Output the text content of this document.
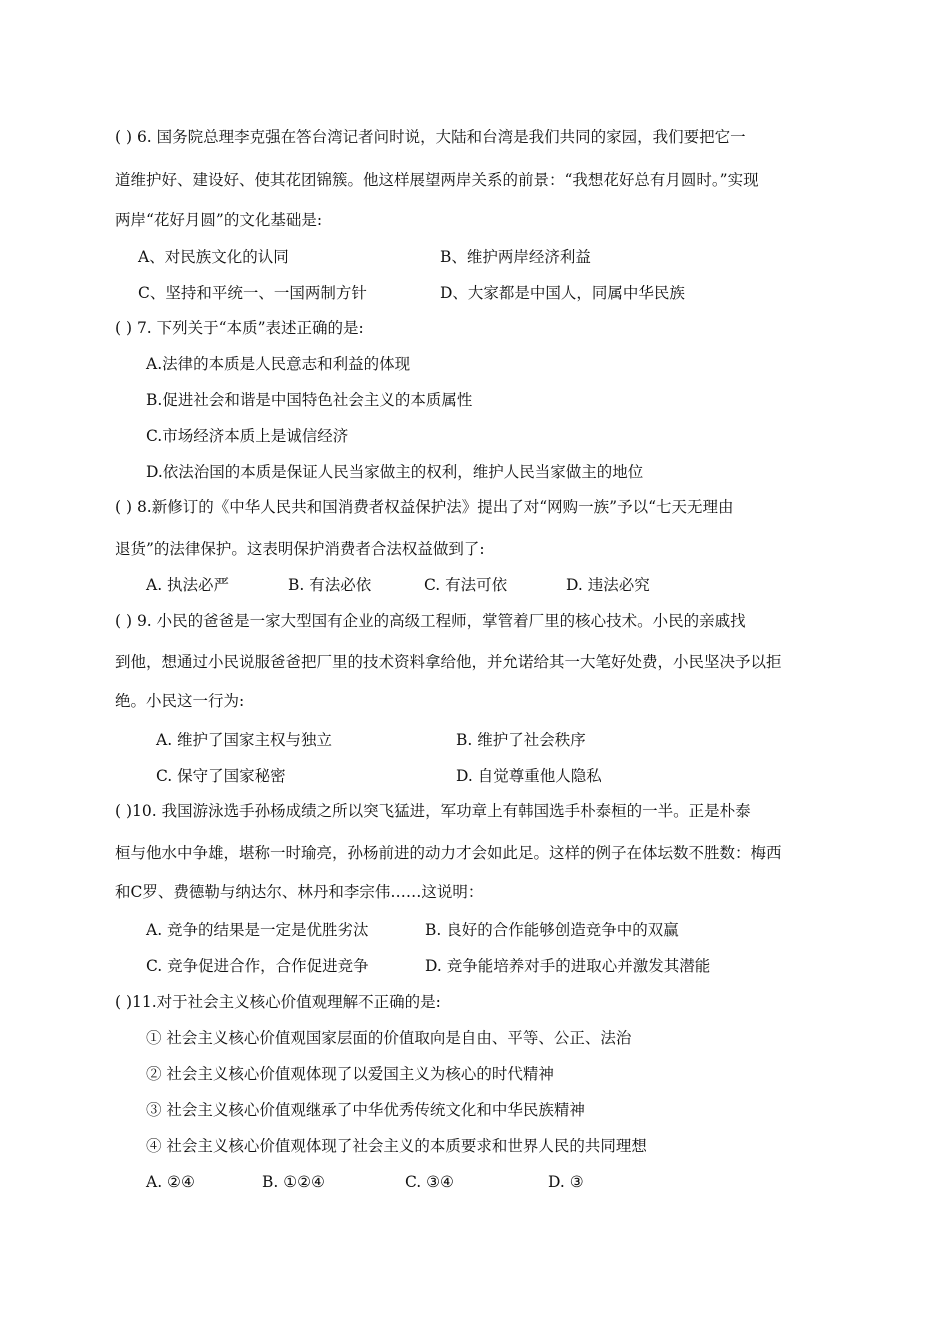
( ) 6. 国务院总理李克强在答台湾记者问时说，大陆和台湾是我们共同的家园，我们要把它一
道维护好、建设好、使其花团锦簇。他这样展望两岸关系的前景：“我想花好总有月圆时。”实现
两岸“花好月圆”的文化基础是:
A、对民族文化的认同	B、维护两岸经济利益
C、坚持和平统一、一国两制方针	D、大家都是中国人，同属中华民族
( ) 7. 下列关于“本质”表述正确的是:
A.法律的本质是人民意志和利益的体现
B.促进社会和谐是中国特色社会主义的本质属性
C.市场经济本质上是诚信经济
D.依法治国的本质是保证人民当家做主的权利，维护人民当家做主的地位
( ) 8.新修订的《中华人民共和国消费者权益保护法》提出了对“网购一族”予以“七天无理由
退货”的法律保护。这表明保护消费者合法权益做到了:
A. 执法必严	B. 有法必依	C. 有法可依	D. 违法必究
( ) 9. 小民的爸爸是一家大型国有企业的高级工程师，掌管着厂里的核心技术。小民的亲戚找
到他，想通过小民说服爸爸把厂里的技术资料拿给他，并允诺给其一大笔好处费，小民坚决予以拒
绝。小民这一行为:
A. 维护了国家主权与独立	B. 维护了社会秩序
C. 保守了国家秘密	D. 自觉尊重他人隐私
( )10. 我国游泳选手孙杨成绩之所以突飞猛进，军功章上有韩国选手朴泰桓的一半。正是朴泰
桓与他水中争雄，堪称一时瑜亮，孙杨前进的动力才会如此足。这样的例子在体坛数不胜数：梅西
和C罗、费德勒与纳达尔、林丹和李宗伟……这说明：
A. 竞争的结果是一定是优胜劣汰	B. 良好的合作能够创造竞争中的双赢
C. 竞争促进合作，合作促进竞争	D. 竞争能培养对手的进取心并激发其潜能
( )11.对于社会主义核心价值观理解不正确的是:
① 社会主义核心价值观国家层面的价值取向是自由、平等、公正、法治
② 社会主义核心价值观体现了以爱国主义为核心的时代精神
③ 社会主义核心价值观继承了中华优秀传统文化和中华民族精神
④ 社会主义核心价值观体现了社会主义的本质要求和世界人民的共同理想
A. ②④	B. ①②④	C. ③④	D. ③
